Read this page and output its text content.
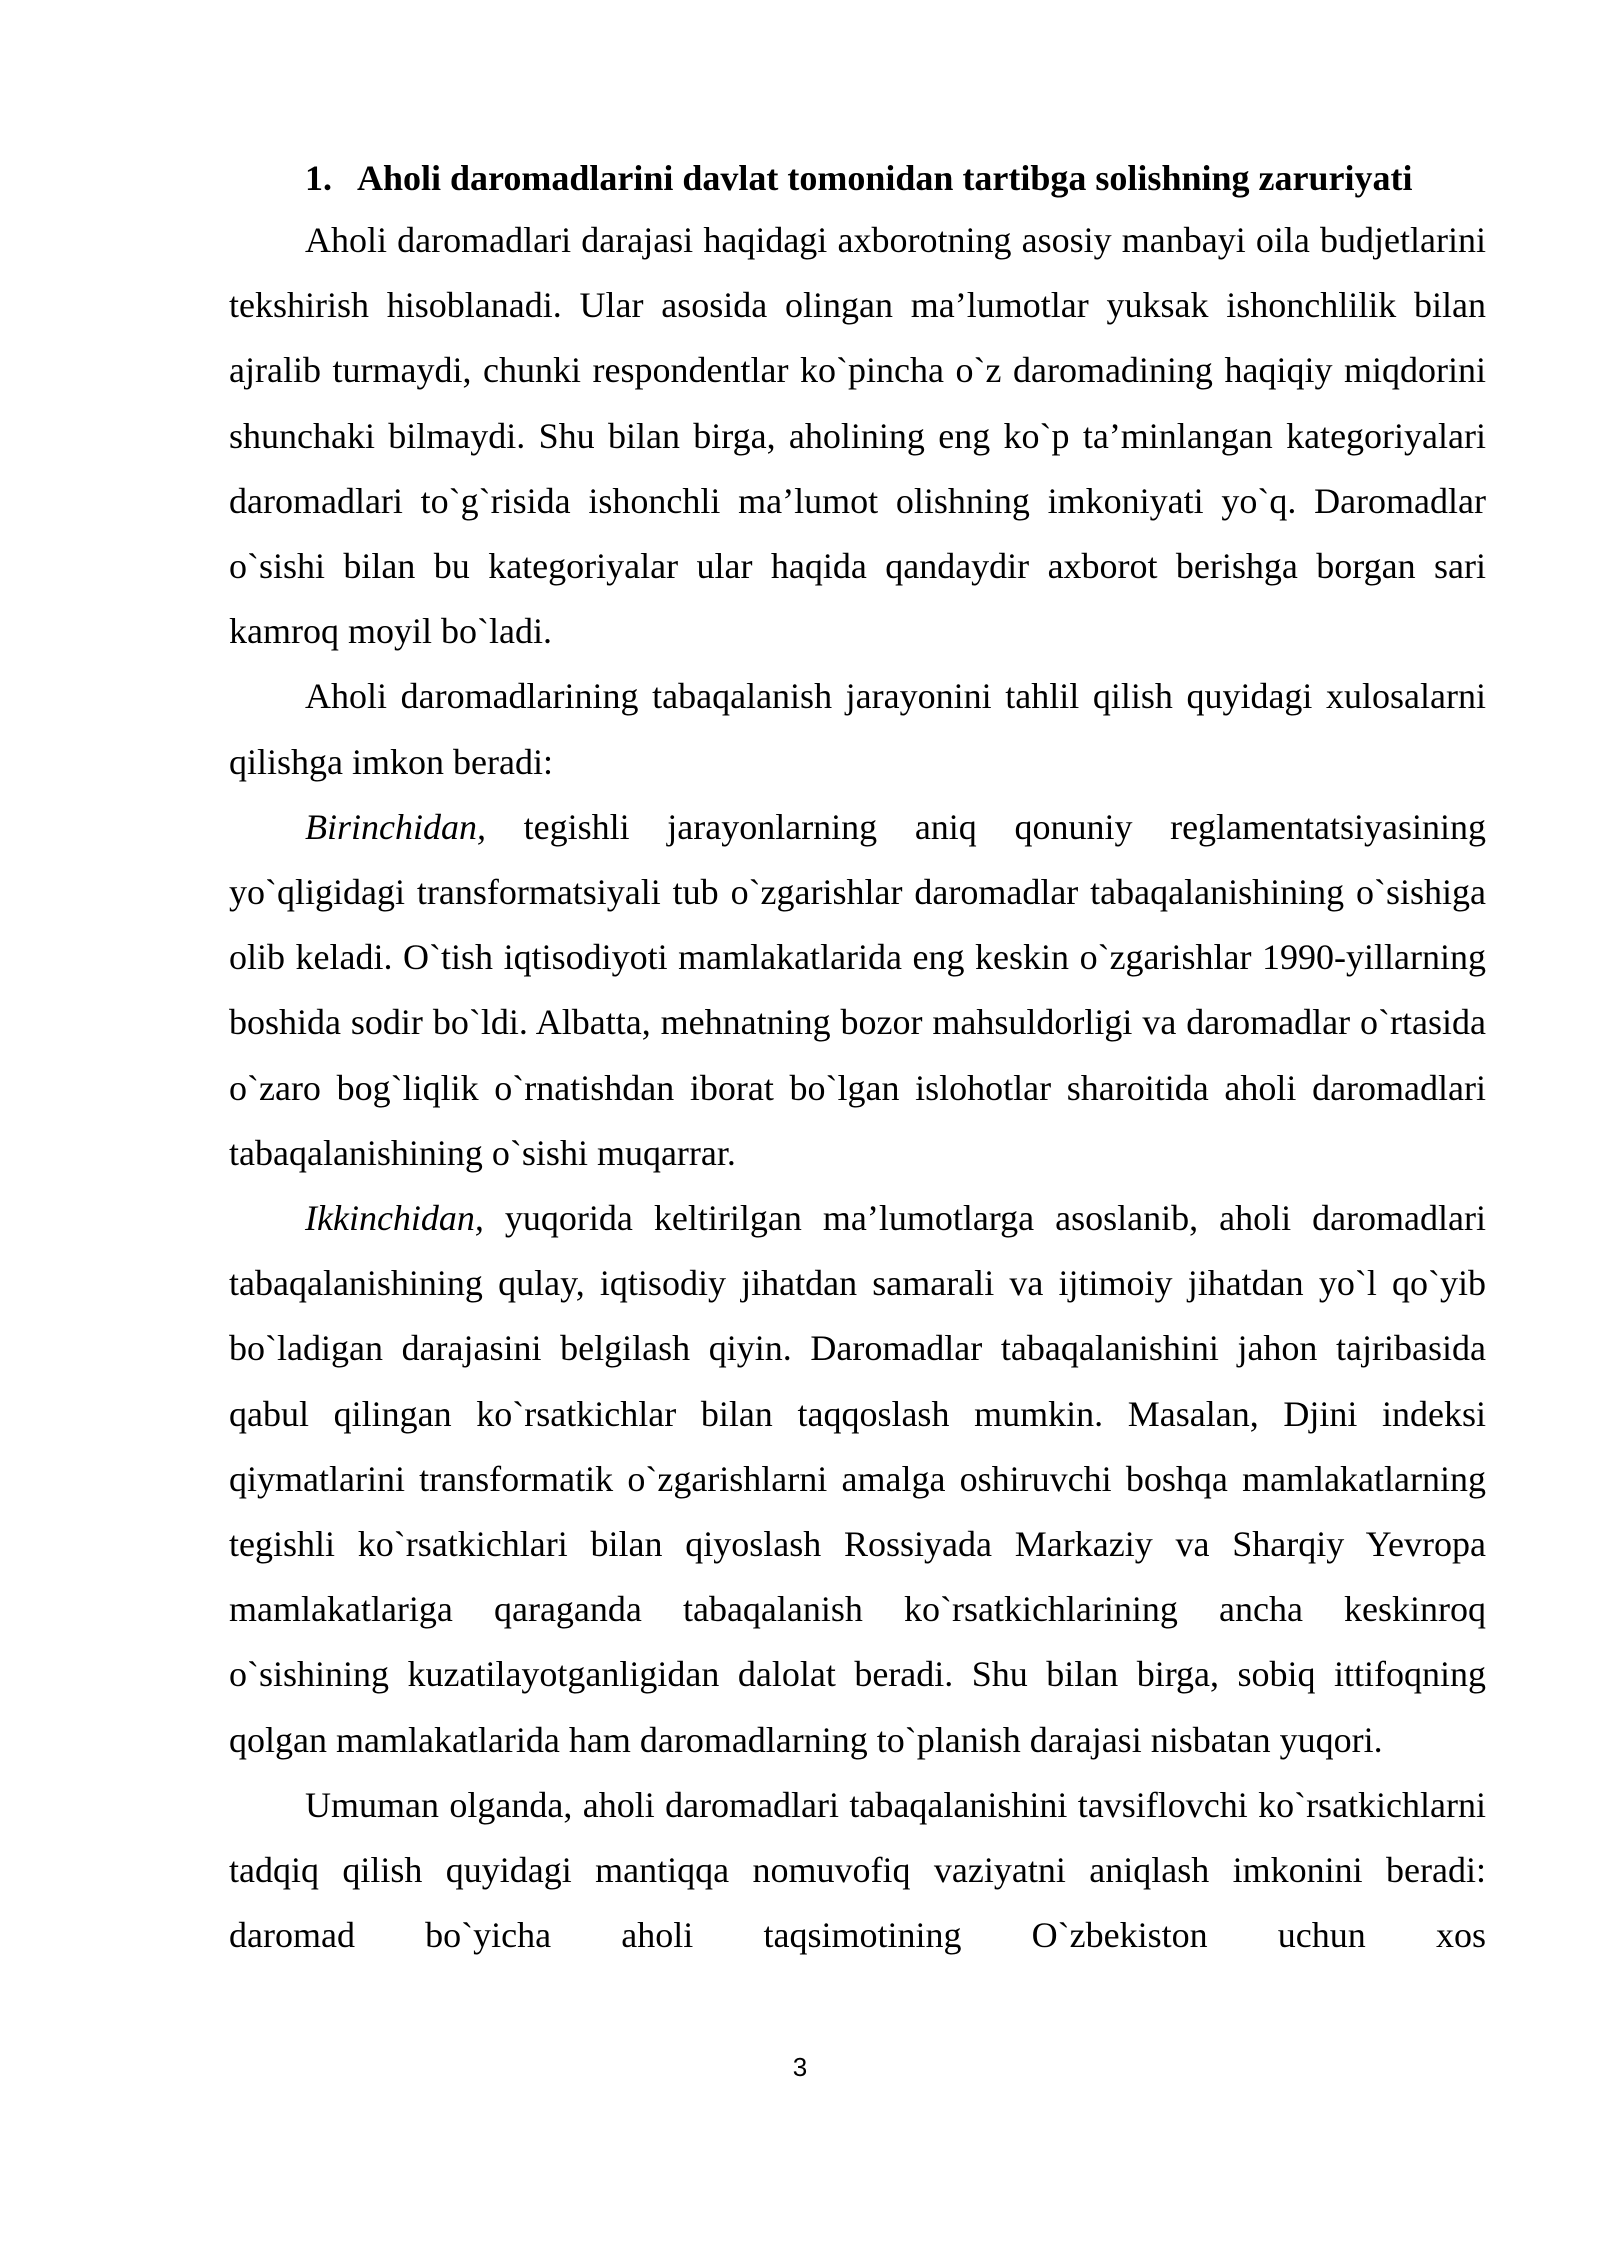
1. Aholi daromadlarini davlat tomonidan tartibga solishning zaruriyati

Aholi daromadlari darajasi haqidagi axborotning asosiy manbayi oila budjetlarini tekshirish hisoblanadi. Ular asosida olingan ma’lumotlar yuksak ishonchlilik bilan ajralib turmaydi, chunki respondentlar ko`pincha o`z daromadining haqiqiy miqdorini shunchaki bilmaydi. Shu bilan birga, aholining eng ko`p ta’minlangan kategoriyalari daromadlari to`g`risida ishonchli ma’lumot olishning imkoniyati yo`q. Daromadlar o`sishi bilan bu kategoriyalar ular haqida qandaydir axborot berishga borgan sari kamroq moyil bo`ladi.

Aholi daromadlarining tabaqalanish jarayonini tahlil qilish quyidagi xulosalarni qilishga imkon beradi:

Birinchidan, tegishli jarayonlarning aniq qonuniy reglamentatsiyasining yo`qligidagi transformatsiyali tub o`zgarishlar daromadlar tabaqalanishining o`sishiga olib keladi. O`tish iqtisodiyoti mamlakatlarida eng keskin o`zgarishlar 1990-yillarning boshida sodir bo`ldi. Albatta, mehnatning bozor mahsuldorligi va daromadlar o`rtasida o`zaro bog`liqlik o`rnatishdan iborat bo`lgan islohotlar sharoitida aholi daromadlari tabaqalanishining o`sishi muqarrar.

Ikkinchidan, yuqorida keltirilgan ma’lumotlarga asoslanib, aholi daromadlari tabaqalanishining qulay, iqtisodiy jihatdan samarali va ijtimoiy jihatdan yo`l qo`yib bo`ladigan darajasini belgilash qiyin. Daromadlar tabaqalanishini jahon tajribasida qabul qilingan ko`rsatkichlar bilan taqqoslash mumkin. Masalan, Djini indeksi qiymatlarini transformatik o`zgarishlarni amalga oshiruvchi boshqa mamlakatlarning tegishli ko`rsatkichlari bilan qiyoslash Rossiyada Markaziy va Sharqiy Yevropa mamlakatlariga qaraganda tabaqalanish ko`rsatkichlarining ancha keskinroq o`sishining kuzatilayotganligidan dalolat beradi. Shu bilan birga, sobiq ittifoqning qolgan mamlakatlarida ham daromadlarning to`planish darajasi nisbatan yuqori.

Umuman olganda, aholi daromadlari tabaqalanishini tavsiflovchi ko`rsatkichlarni tadqiq qilish quyidagi mantiqqa nomuvofiq vaziyatni aniqlash imkonini beradi: daromad bo`yicha aholi taqsimotining O`zbekiston uchun xos

3
